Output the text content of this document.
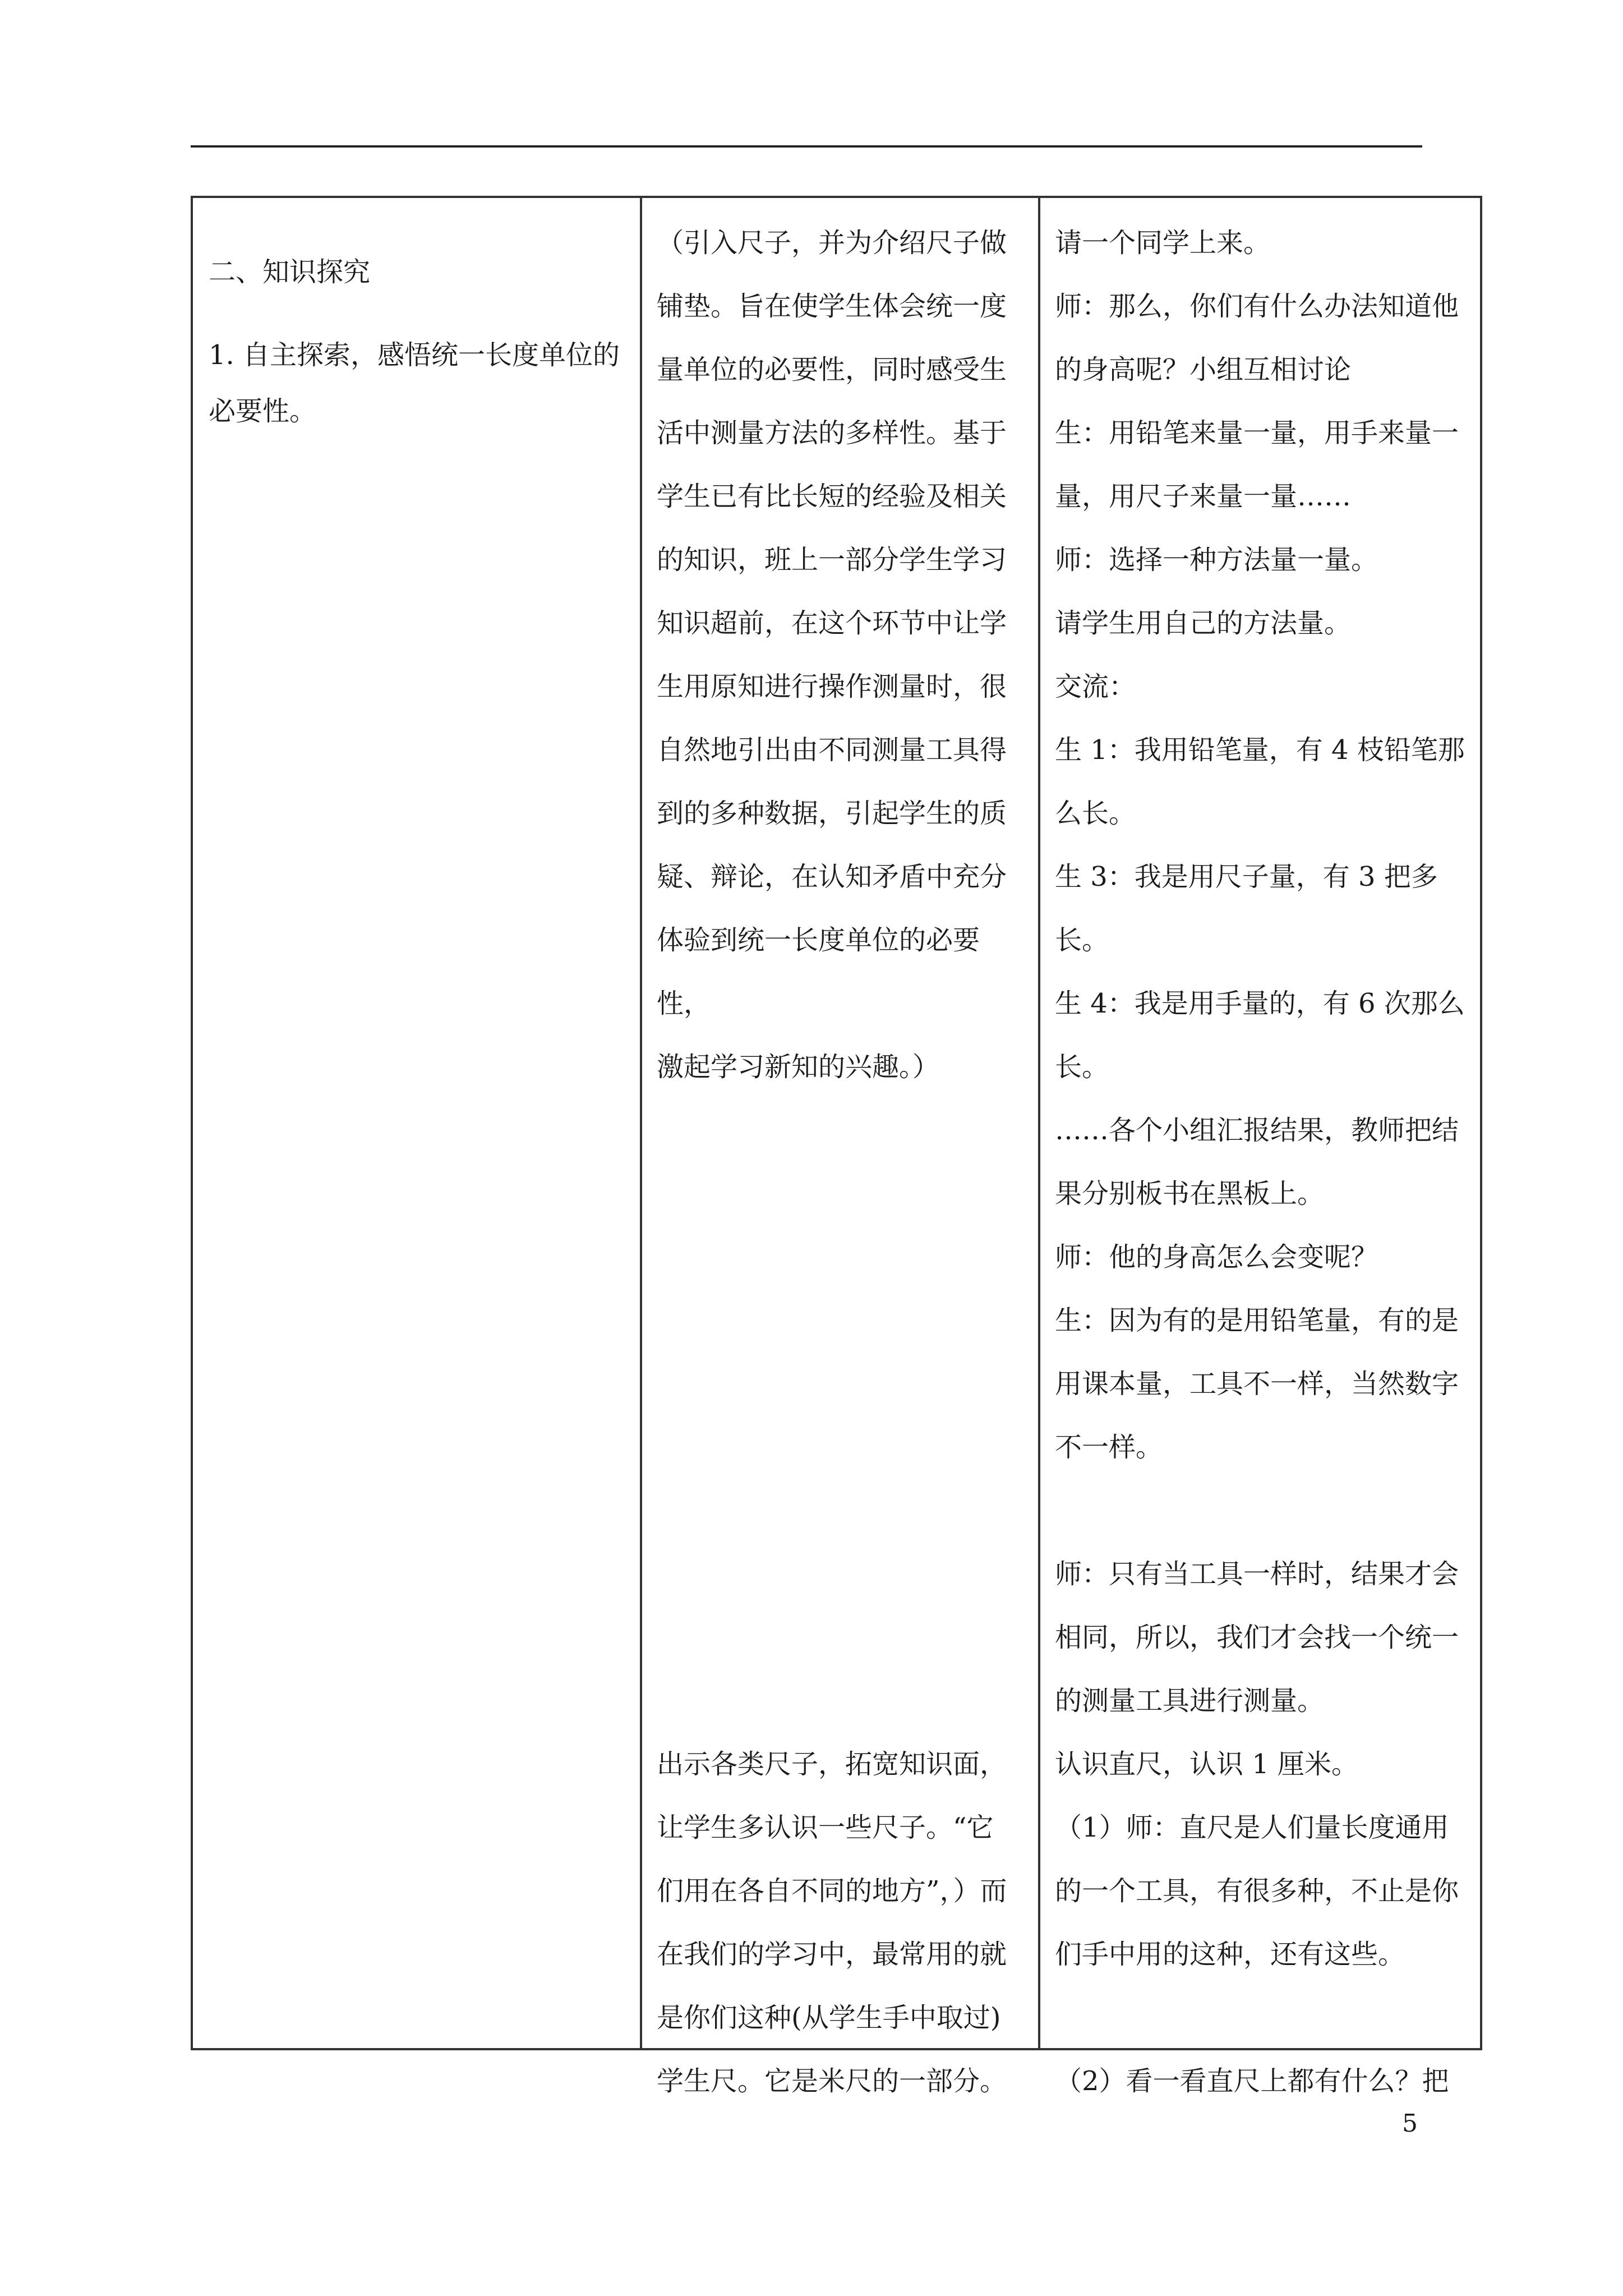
二、知识探究

1. 自主探索，感悟统一长度单位的必要性。

（引入尺子，并为介绍尺子做

铺垫。旨在使学生体会统一度

量单位的必要性，同时感受生

活中测量方法的多样性。基于

学生已有比长短的经验及相关

的知识，班上一部分学生学习

知识超前，在这个环节中让学

生用原知进行操作测量时，很

自然地引出由不同测量工具得

到的多种数据，引起学生的质

疑、辩论，在认知矛盾中充分

体验到统一长度单位的必要性，

激起学习新知的兴趣。）

出示各类尺子，拓宽知识面，

让学生多认识一些尺子。“它

们用在各自不同的地方”，）而

在我们的学习中，最常用的就

是你们这种(从学生手中取过)

学生尺。它是米尺的一部分。

请一个同学上来。

师：那么，你们有什么办法知道他

的身高呢？小组互相讨论

生：用铅笔来量一量，用手来量一

量，用尺子来量一量……

师：选择一种方法量一量。

请学生用自己的方法量。

交流：

生 1：我用铅笔量，有 4 枝铅笔那

么长。

生 3：我是用尺子量，有 3 把多长。

生 4：我是用手量的，有 6 次那么

长。

……各个小组汇报结果，教师把结

果分别板书在黑板上。

师：他的身高怎么会变呢？

生：因为有的是用铅笔量，有的是

用课本量，工具不一样，当然数字

不一样。

师：只有当工具一样时，结果才会

相同，所以，我们才会找一个统一

的测量工具进行测量。

认识直尺，认识 1 厘米。

（1）师：直尺是人们量长度通用

的一个工具，有很多种，不止是你

们手中用的这种，还有这些。

（2）看一看直尺上都有什么？把

5
